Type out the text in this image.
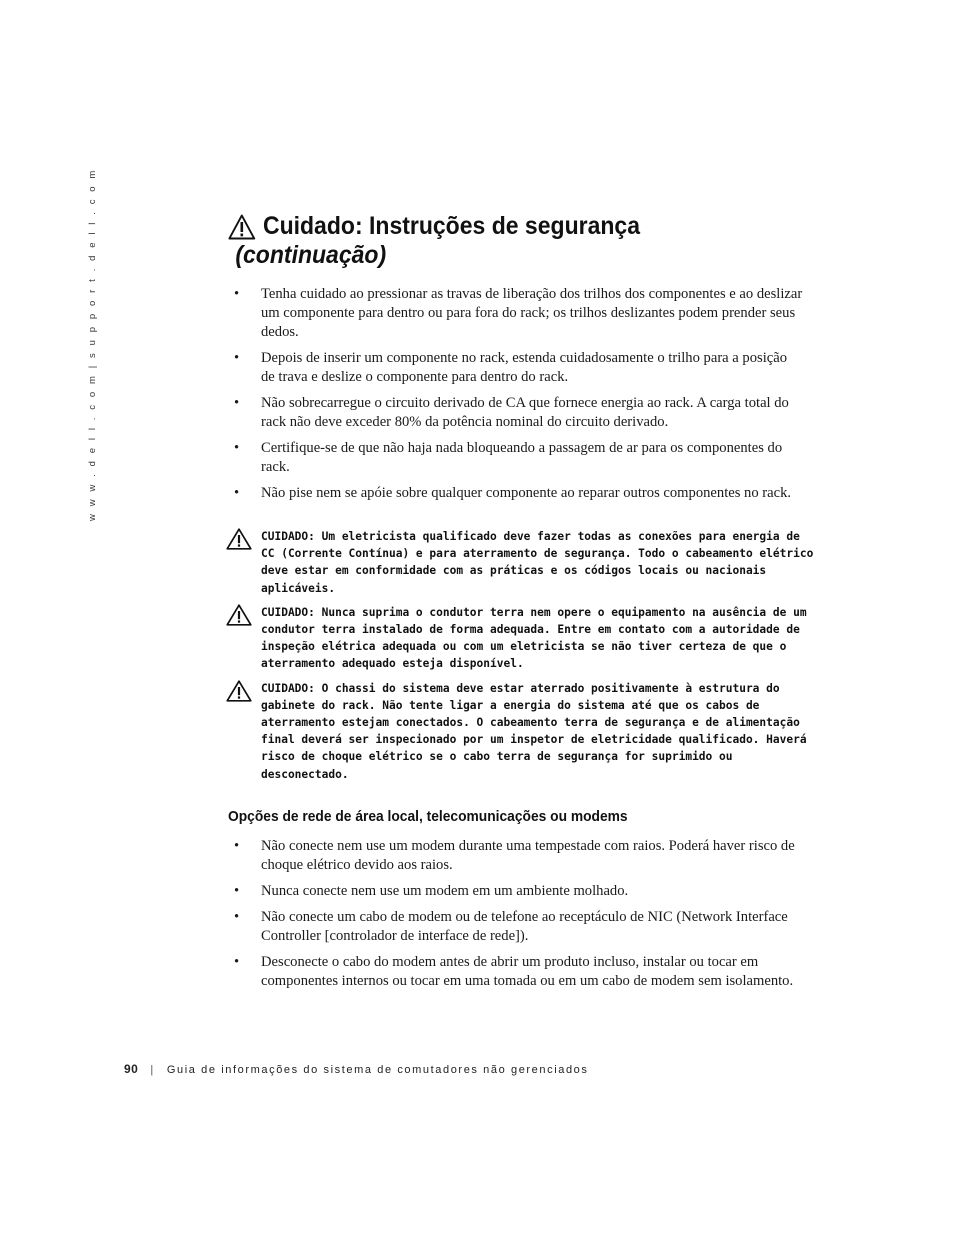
w w w . d e l l . c o m | s u p p o r t . d e l l . c o m	Cuidado: Instruções de segurança
(continuação)
• Tenha cuidado ao pressionar as travas de liberação dos trilhos dos componentes e ao deslizar um componente para dentro ou para fora do rack; os trilhos deslizantes podem prender seus dedos.
• Depois de inserir um componente no rack, estenda cuidadosamente o trilho para a posição de trava e deslize o componente para dentro do rack.
• Não sobrecarregue o circuito derivado de CA que fornece energia ao rack. A carga total do rack não deve exceder 80% da potência nominal do circuito derivado.
• Certifique-se de que não haja nada bloqueando a passagem de ar para os componentes do rack.
• Não pise nem se apóie sobre qualquer componente ao reparar outros componentes no rack.
CUIDADO: Um eletricista qualificado deve fazer todas as conexões para energia de CC (Corrente Contínua) e para aterramento de segurança. Todo o cabeamento elétrico deve estar em conformidade com as práticas e os códigos locais ou nacionais aplicáveis.
CUIDADO: Nunca suprima o condutor terra nem opere o equipamento na ausência de um condutor terra instalado de forma adequada. Entre em contato com a autoridade de inspeção elétrica adequada ou com um eletricista se não tiver certeza de que o aterramento adequado esteja disponível.
CUIDADO: O chassi do sistema deve estar aterrado positivamente à estrutura do gabinete do rack. Não tente ligar a energia do sistema até que os cabos de aterramento estejam conectados. O cabeamento terra de segurança e de alimentação final deverá ser inspecionado por um inspetor de eletricidade qualificado. Haverá risco de choque elétrico se o cabo terra de segurança for suprimido ou desconectado.
Opções de rede de área local, telecomunicações ou modems
• Não conecte nem use um modem durante uma tempestade com raios. Poderá haver risco de choque elétrico devido aos raios.
• Nunca conecte nem use um modem em um ambiente molhado.
• Não conecte um cabo de modem ou de telefone ao receptáculo de NIC (Network Interface Controller [controlador de interface de rede]).
• Desconecte o cabo do modem antes de abrir um produto incluso, instalar ou tocar em componentes internos ou tocar em uma tomada ou em um cabo de modem sem isolamento.
90 | Guia de informações do sistema de comutadores não gerenciados
